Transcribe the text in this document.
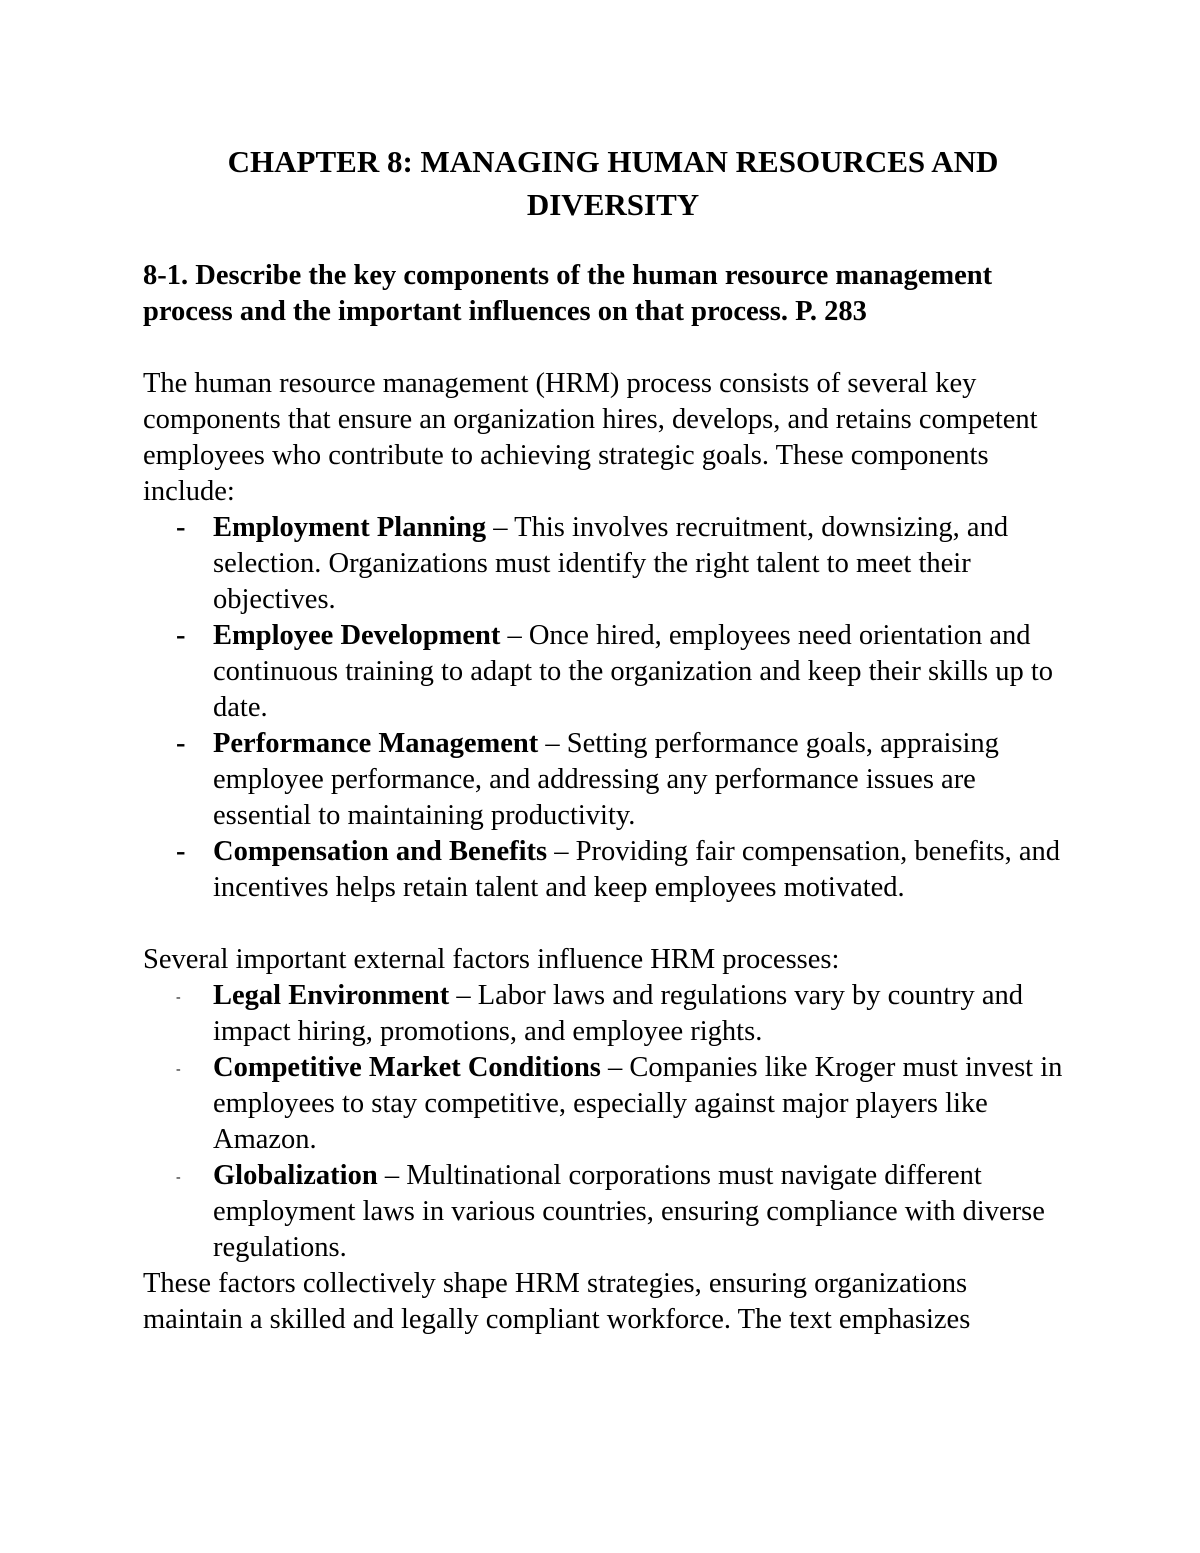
CHAPTER 8: MANAGING HUMAN RESOURCES AND
DIVERSITY

8-1. Describe the key components of the human resource management process and the important influences on that process. P. 283

The human resource management (HRM) process consists of several key components that ensure an organization hires, develops, and retains competent employees who contribute to achieving strategic goals. These components include:

- Employment Planning – This involves recruitment, downsizing, and selection. Organizations must identify the right talent to meet their objectives.
- Employee Development – Once hired, employees need orientation and continuous training to adapt to the organization and keep their skills up to date.
- Performance Management – Setting performance goals, appraising employee performance, and addressing any performance issues are essential to maintaining productivity.
- Compensation and Benefits – Providing fair compensation, benefits, and incentives helps retain talent and keep employees motivated.

Several important external factors influence HRM processes:

- Legal Environment – Labor laws and regulations vary by country and impact hiring, promotions, and employee rights.
- Competitive Market Conditions – Companies like Kroger must invest in employees to stay competitive, especially against major players like Amazon.
- Globalization – Multinational corporations must navigate different employment laws in various countries, ensuring compliance with diverse regulations.

These factors collectively shape HRM strategies, ensuring organizations maintain a skilled and legally compliant workforce. The text emphasizes
